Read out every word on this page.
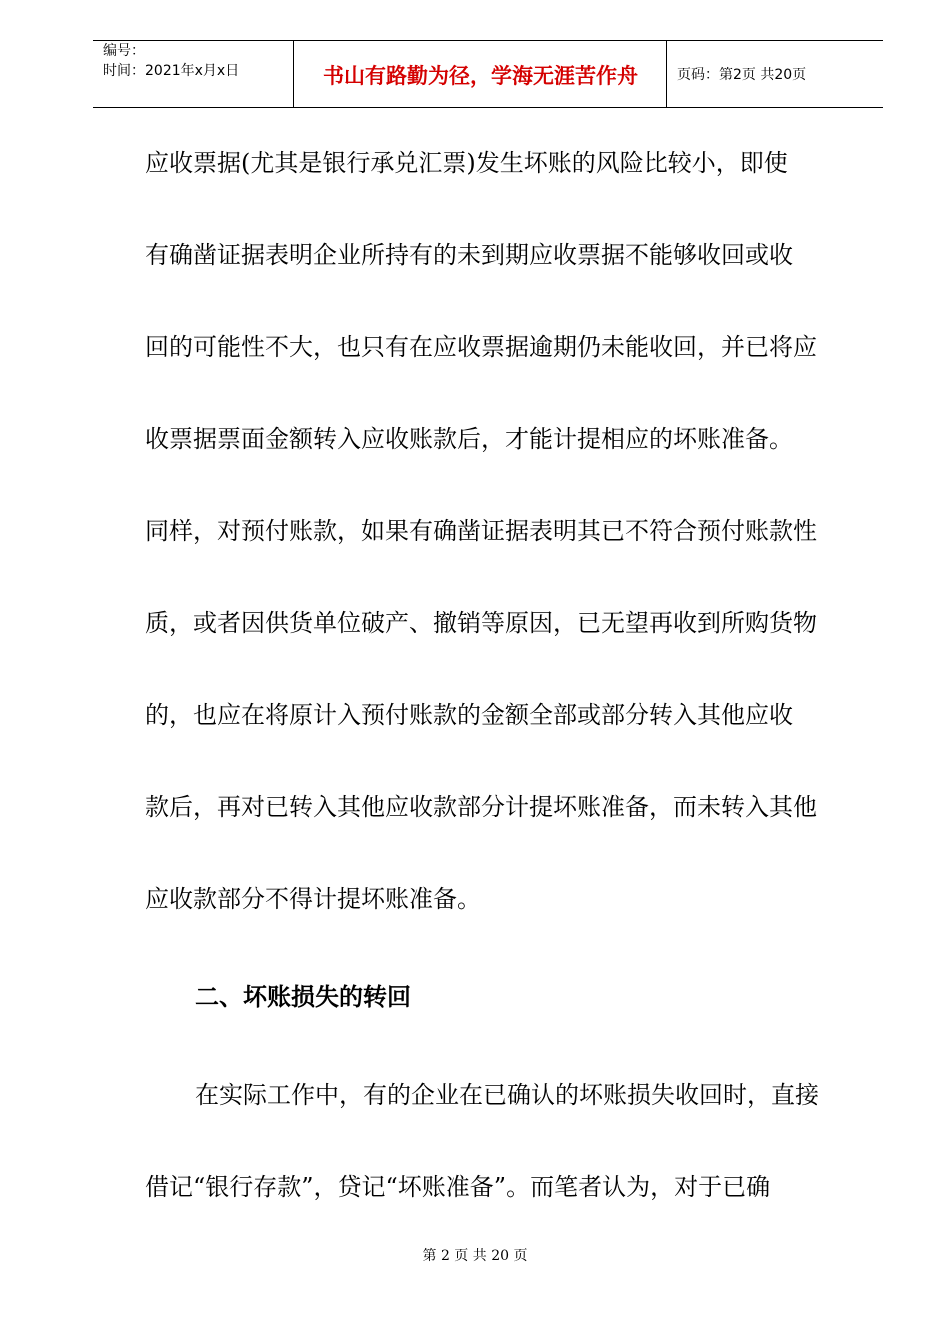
编号：
时间：2021年x月x日	书山有路勤为径，学海无涯苦作舟	页码：第2页 共20页
应收票据(尤其是银行承兑汇票)发生坏账的风险比较小，即使
有确凿证据表明企业所持有的未到期应收票据不能够收回或收
回的可能性不大，也只有在应收票据逾期仍未能收回，并已将应
收票据票面金额转入应收账款后，才能计提相应的坏账准备。
同样，对预付账款，如果有确凿证据表明其已不符合预付账款性
质，或者因供货单位破产、撤销等原因，已无望再收到所购货物
的，也应在将原计入预付账款的金额全部或部分转入其他应收
款后，再对已转入其他应收款部分计提坏账准备，而未转入其他
应收款部分不得计提坏账准备。
二、坏账损失的转回
在实际工作中，有的企业在已确认的坏账损失收回时，直接
借记“银行存款”，贷记“坏账准备”。而笔者认为，对于已确
第 2 页 共 20 页
